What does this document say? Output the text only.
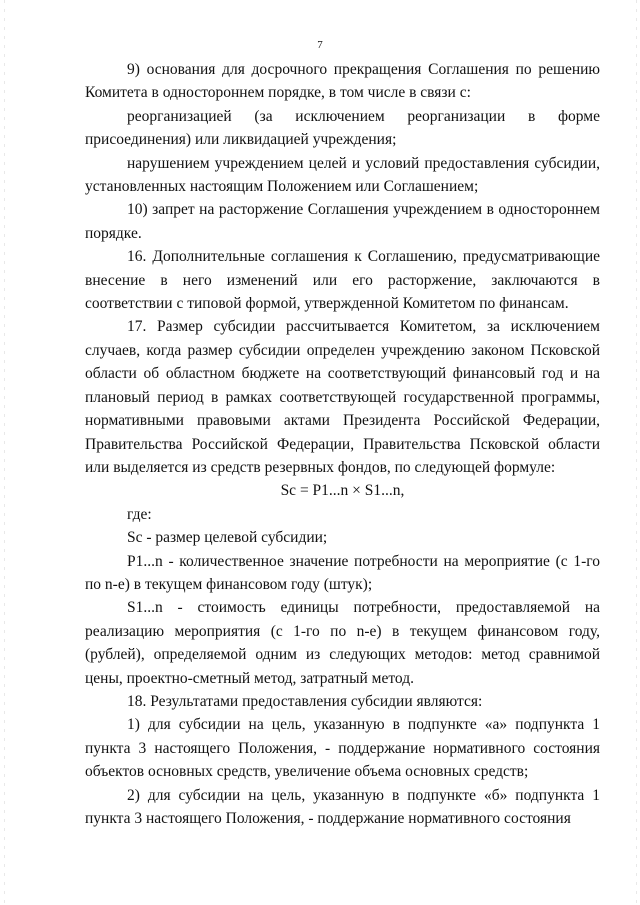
7

9) основания для досрочного прекращения Соглашения по решению Комитета в одностороннем порядке, в том числе в связи с:

реорганизацией (за исключением реорганизации в форме присоединения) или ликвидацией учреждения;

нарушением учреждением целей и условий предоставления субсидии, установленных настоящим Положением или Соглашением;

10) запрет на расторжение Соглашения учреждением в одностороннем порядке.

16. Дополнительные соглашения к Соглашению, предусматривающие внесение в него изменений или его расторжение, заключаются в соответствии с типовой формой, утвержденной Комитетом по финансам.

17. Размер субсидии рассчитывается Комитетом, за исключением случаев, когда размер субсидии определен учреждению законом Псковской области об областном бюджете на соответствующий финансовый год и на плановый период в рамках соответствующей государственной программы, нормативными правовыми актами Президента Российской Федерации, Правительства Российской Федерации, Правительства Псковской области или выделяется из средств резервных фондов, по следующей формуле:

Sc = P1...n × S1...n,

где:

Sc - размер целевой субсидии;

P1...n - количественное значение потребности на мероприятие (с 1-го по n-е) в текущем финансовом году (штук);

S1...n - стоимость единицы потребности, предоставляемой на реализацию мероприятия (с 1-го по n-е) в текущем финансовом году, (рублей), определяемой одним из следующих методов: метод сравнимой цены, проектно-сметный метод, затратный метод.

18. Результатами предоставления субсидии являются:

1) для субсидии на цель, указанную в подпункте «а» подпункта 1 пункта 3 настоящего Положения, - поддержание нормативного состояния объектов основных средств, увеличение объема основных средств;

2) для субсидии на цель, указанную в подпункте «б» подпункта 1 пункта 3 настоящего Положения, - поддержание нормативного состояния
